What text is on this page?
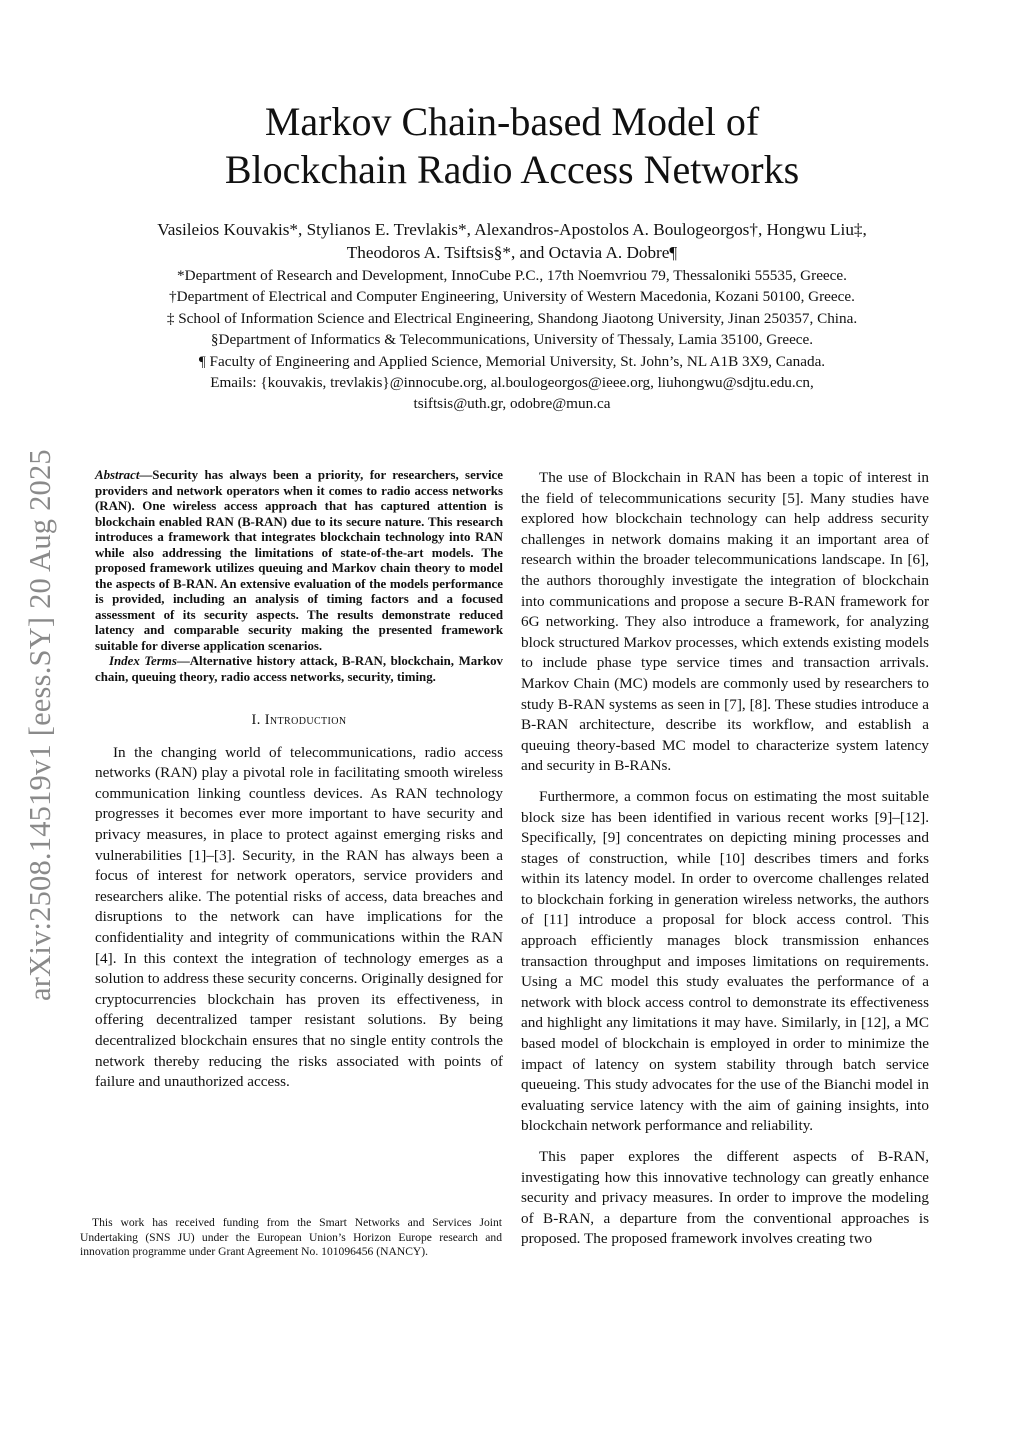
arXiv:2508.14519v1 [eess.SY] 20 Aug 2025
Markov Chain-based Model of
Blockchain Radio Access Networks
Vasileios Kouvakis*, Stylianos E. Trevlakis*, Alexandros-Apostolos A. Boulogeorgos†, Hongwu Liu‡,
Theodoros A. Tsiftsis§*, and Octavia A. Dobre¶
*Department of Research and Development, InnoCube P.C., 17th Noemvriou 79, Thessaloniki 55535, Greece.
†Department of Electrical and Computer Engineering, University of Western Macedonia, Kozani 50100, Greece.
‡ School of Information Science and Electrical Engineering, Shandong Jiaotong University, Jinan 250357, China.
§Department of Informatics & Telecommunications, University of Thessaly, Lamia 35100, Greece.
¶ Faculty of Engineering and Applied Science, Memorial University, St. John’s, NL A1B 3X9, Canada.
Emails: {kouvakis, trevlakis}@innocube.org, al.boulogeorgos@ieee.org, liuhongwu@sdjtu.edu.cn,
tsiftsis@uth.gr, odobre@mun.ca

Abstract—Security has always been a priority, for researchers, service providers and network operators when it comes to radio access networks (RAN). One wireless access approach that has captured attention is blockchain enabled RAN (B-RAN) due to its secure nature. This research introduces a framework that integrates blockchain technology into RAN while also addressing the limitations of state-of-the-art models. The proposed framework utilizes queuing and Markov chain theory to model the aspects of B-RAN. An extensive evaluation of the models performance is provided, including an analysis of timing factors and a focused assessment of its security aspects. The results demonstrate reduced latency and comparable security making the presented framework suitable for diverse application scenarios.

Index Terms—Alternative history attack, B-RAN, blockchain, Markov chain, queuing theory, radio access networks, security, timing.

I. Introduction

In the changing world of telecommunications, radio access networks (RAN) play a pivotal role in facilitating smooth wireless communication linking countless devices. As RAN technology progresses it becomes ever more important to have security and privacy measures, in place to protect against emerging risks and vulnerabilities [1]–[3]. Security, in the RAN has always been a focus of interest for network operators, service providers and researchers alike. The potential risks of access, data breaches and disruptions to the network can have implications for the confidentiality and integrity of communications within the RAN [4]. In this context the integration of technology emerges as a solution to address these security concerns. Originally designed for cryptocurrencies blockchain has proven its effectiveness, in offering decentralized tamper resistant solutions. By being decentralized blockchain ensures that no single entity controls the network thereby reducing the risks associated with points of failure and unauthorized access.

This work has received funding from the Smart Networks and Services Joint Undertaking (SNS JU) under the European Union’s Horizon Europe research and innovation programme under Grant Agreement No. 101096456 (NANCY).

The use of Blockchain in RAN has been a topic of interest in the field of telecommunications security [5]. Many studies have explored how blockchain technology can help address security challenges in network domains making it an important area of research within the broader telecommunications landscape. In [6], the authors thoroughly investigate the integration of blockchain into communications and propose a secure B-RAN framework for 6G networking. They also introduce a framework, for analyzing block structured Markov processes, which extends existing models to include phase type service times and transaction arrivals. Markov Chain (MC) models are commonly used by researchers to study B-RAN systems as seen in [7], [8]. These studies introduce a B-RAN architecture, describe its workflow, and establish a queuing theory-based MC model to characterize system latency and security in B-RANs.

Furthermore, a common focus on estimating the most suitable block size has been identified in various recent works [9]–[12]. Specifically, [9] concentrates on depicting mining processes and stages of construction, while [10] describes timers and forks within its latency model. In order to overcome challenges related to blockchain forking in generation wireless networks, the authors of [11] introduce a proposal for block access control. This approach efficiently manages block transmission enhances transaction throughput and imposes limitations on requirements. Using a MC model this study evaluates the performance of a network with block access control to demonstrate its effectiveness and highlight any limitations it may have. Similarly, in [12], a MC based model of blockchain is employed in order to minimize the impact of latency on system stability through batch service queueing. This study advocates for the use of the Bianchi model in evaluating service latency with the aim of gaining insights, into blockchain network performance and reliability.

This paper explores the different aspects of B-RAN, investigating how this innovative technology can greatly enhance security and privacy measures. In order to improve the modeling of B-RAN, a departure from the conventional approaches is proposed. The proposed framework involves creating two
